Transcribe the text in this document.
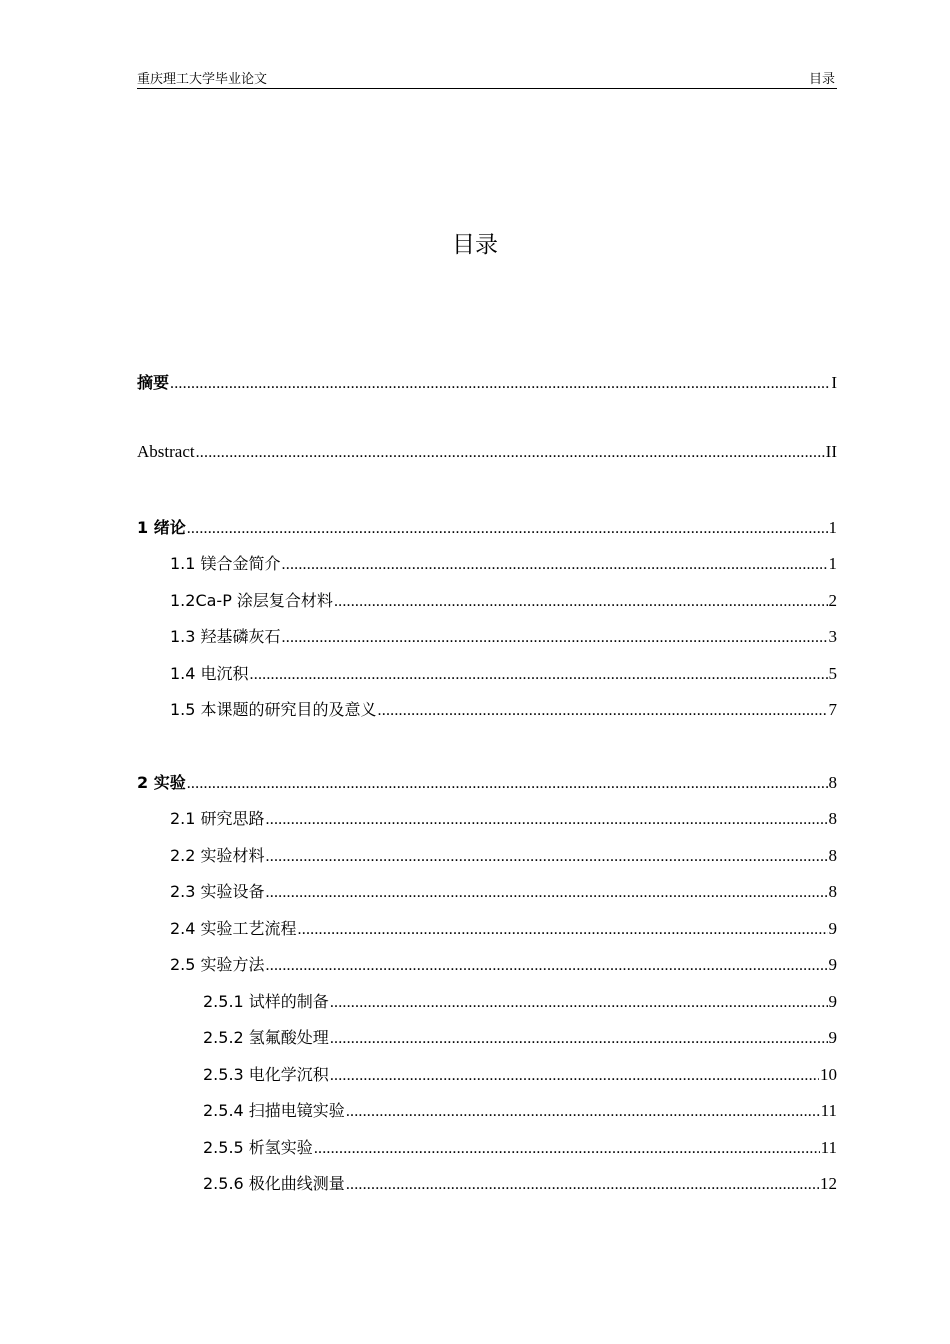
重庆理工大学毕业论文	目录
目录
摘要 .....	I
Abstract .....	II
1 绪论 .....	1
1.1 镁合金简介 .....	1
1.2Ca-P 涂层复合材料 .....	2
1.3 羟基磷灰石 .....	3
1.4 电沉积 .....	5
1.5 本课题的研究目的及意义 .....	7
2 实验 .....	8
2.1 研究思路 .....	8
2.2 实验材料 .....	8
2.3 实验设备 .....	8
2.4 实验工艺流程 .....	9
2.5 实验方法 .....	9
2.5.1 试样的制备 .....	9
2.5.2 氢氟酸处理 .....	9
2.5.3 电化学沉积 .....	10
2.5.4 扫描电镜实验 .....	11
2.5.5 析氢实验 .....	11
2.5.6 极化曲线测量 .....	12
